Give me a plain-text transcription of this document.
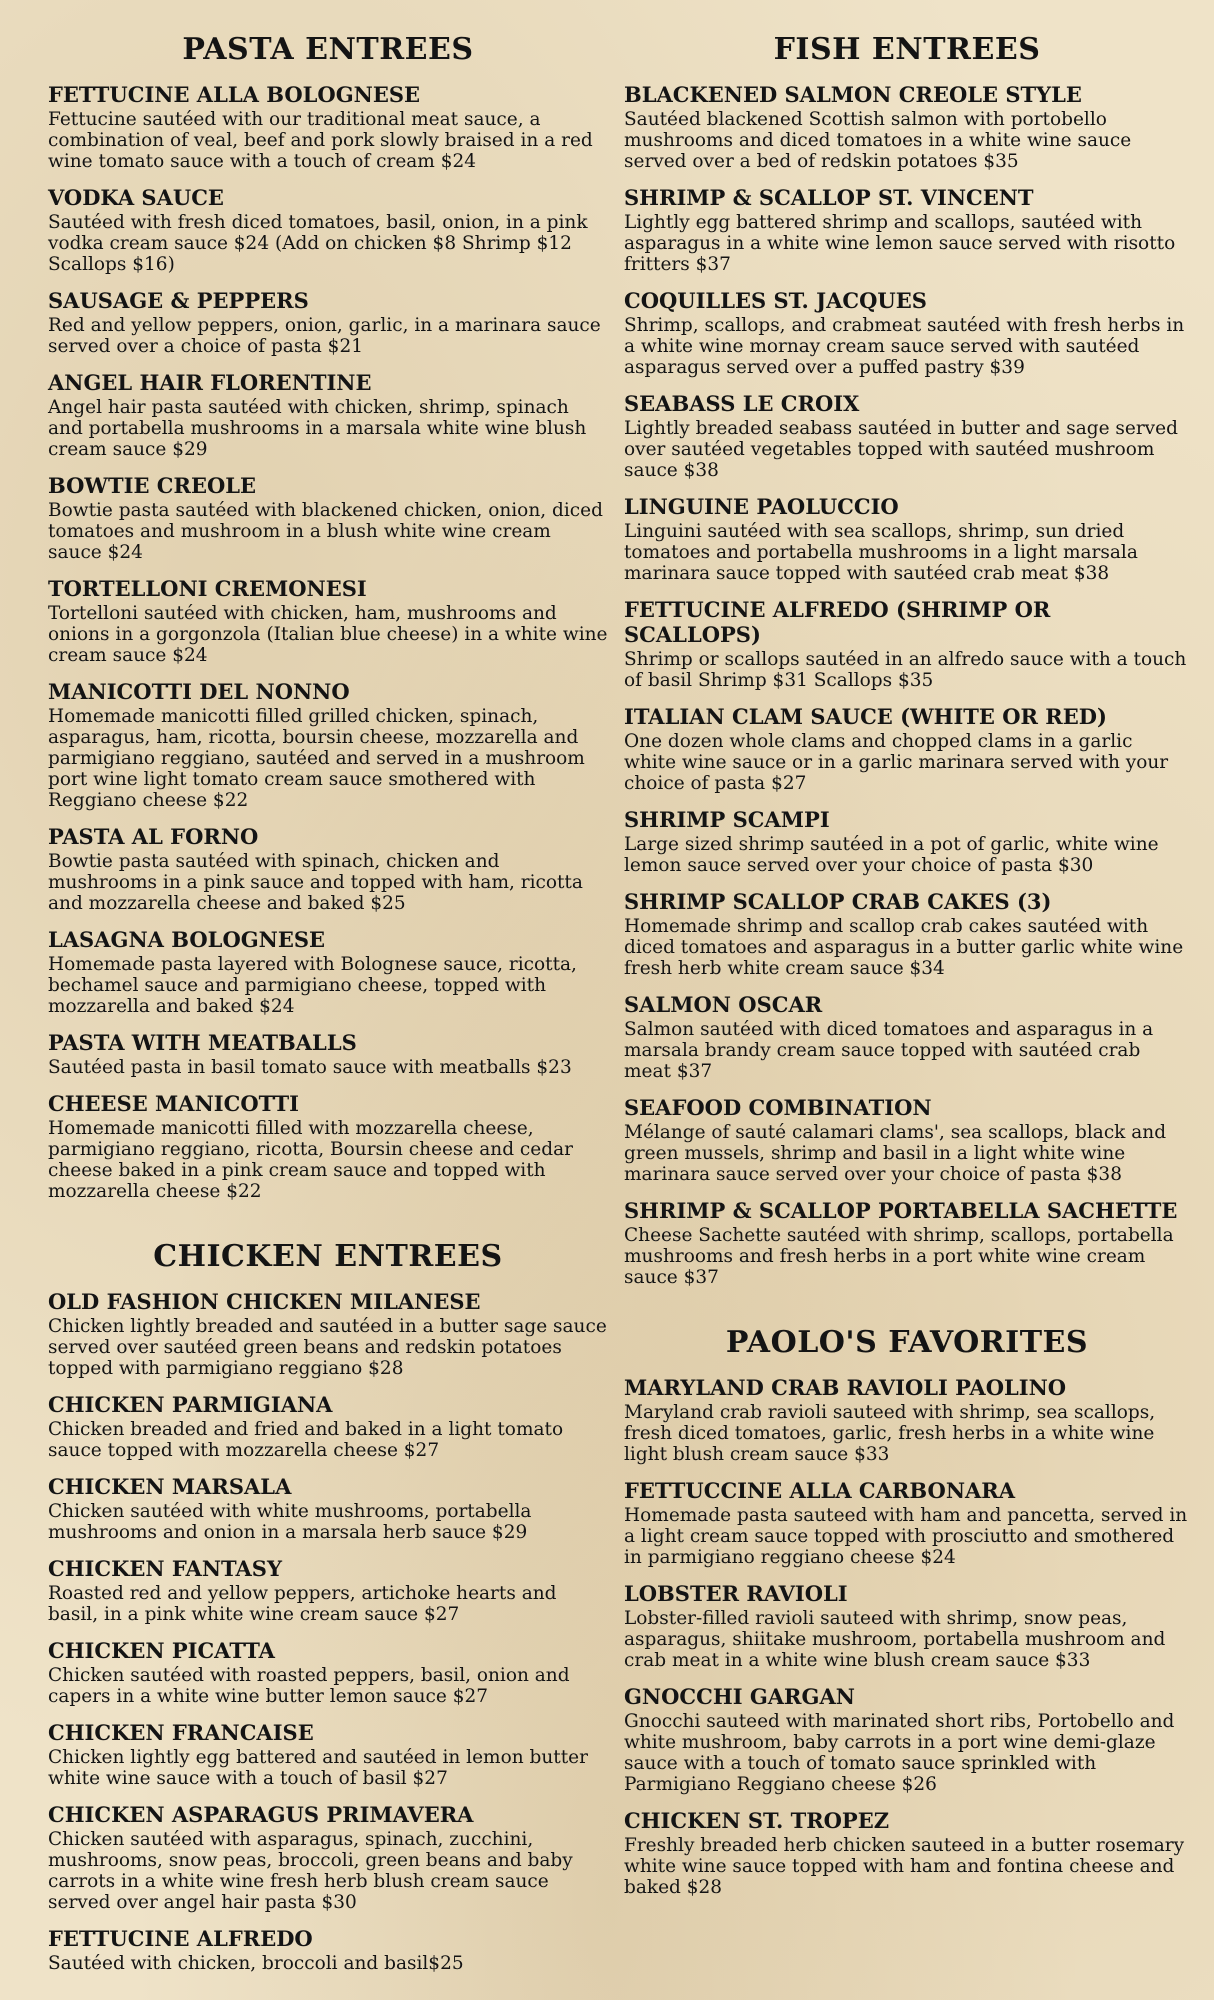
PASTA ENTREES
FETTUCINE ALLA BOLOGNESE

Fettucine sautéed with our traditional meat sauce, a combination of veal, beef and pork slowly braised in a red wine tomato sauce with a touch of cream $24

VODKA SAUCE

Sautéed with fresh diced tomatoes, basil, onion, in a pink vodka cream sauce $24 (Add on chicken $8 Shrimp $12 Scallops $16)

SAUSAGE & PEPPERS

Red and yellow peppers, onion, garlic, in a marinara sauce served over a choice of pasta $21

ANGEL HAIR FLORENTINE

Angel hair pasta sautéed with chicken, shrimp, spinach and portabella mushrooms in a marsala white wine blush cream sauce $29

BOWTIE CREOLE

Bowtie pasta sautéed with blackened chicken, onion, diced tomatoes and mushroom in a blush white wine cream sauce $24

TORTELLONI CREMONESI

Tortelloni sautéed with chicken, ham, mushrooms and onions in a gorgonzola (Italian blue cheese) in a white wine cream sauce $24

MANICOTTI DEL NONNO

Homemade manicotti filled grilled chicken, spinach, asparagus, ham, ricotta, boursin cheese, mozzarella and parmigiano reggiano, sautéed and served in a mushroom port wine light tomato cream sauce smothered with Reggiano cheese $22

PASTA AL FORNO

Bowtie pasta sautéed with spinach, chicken and mushrooms in a pink sauce and topped with ham, ricotta and mozzarella cheese and baked $25

LASAGNA BOLOGNESE

Homemade pasta layered with Bolognese sauce, ricotta, bechamel sauce and parmigiano cheese, topped with mozzarella and baked $24

PASTA WITH MEATBALLS

Sautéed pasta in basil tomato sauce with meatballs $23

CHEESE MANICOTTI

Homemade manicotti filled with mozzarella cheese, parmigiano reggiano, ricotta, Boursin cheese and cedar cheese baked in a pink cream sauce and topped with mozzarella cheese $22

CHICKEN ENTREES
OLD FASHION CHICKEN MILANESE

Chicken lightly breaded and sautéed in a butter sage sauce served over sautéed green beans and redskin potatoes topped with parmigiano reggiano $28

CHICKEN PARMIGIANA

Chicken breaded and fried and baked in a light tomato sauce topped with mozzarella cheese $27

CHICKEN MARSALA

Chicken sautéed with white mushrooms, portabella mushrooms and onion in a marsala herb sauce $29

CHICKEN FANTASY

Roasted red and yellow peppers, artichoke hearts and basil, in a pink white wine cream sauce $27

CHICKEN PICATTA

Chicken sautéed with roasted peppers, basil, onion and capers in a white wine butter lemon sauce $27

CHICKEN FRANCAISE

Chicken lightly egg battered and sautéed in lemon butter white wine sauce with a touch of basil $27

CHICKEN ASPARAGUS PRIMAVERA

Chicken sautéed with asparagus, spinach, zucchini, mushrooms, snow peas, broccoli, green beans and baby carrots in a white wine fresh herb blush cream sauce served over angel hair pasta $30

FETTUCINE ALFREDO

Sautéed with chicken, broccoli and basil$25

FISH ENTREES
BLACKENED SALMON CREOLE STYLE

Sautéed blackened Scottish salmon with portobello mushrooms and diced tomatoes in a white wine sauce served over a bed of redskin potatoes $35

SHRIMP & SCALLOP ST. VINCENT

Lightly egg battered shrimp and scallops, sautéed with asparagus in a white wine lemon sauce served with risotto fritters $37

COQUILLES ST. JACQUES

Shrimp, scallops, and crabmeat sautéed with fresh herbs in a white wine mornay cream sauce served with sautéed asparagus served over a puffed pastry $39

SEABASS LE CROIX

Lightly breaded seabass sautéed in butter and sage served over sautéed vegetables topped with sautéed mushroom sauce $38

LINGUINE PAOLUCCIO

Linguini sautéed with sea scallops, shrimp, sun dried tomatoes and portabella mushrooms in a light marsala marinara sauce topped with sautéed crab meat $38

FETTUCINE ALFREDO (SHRIMP OR SCALLOPS)

Shrimp or scallops sautéed in an alfredo sauce with a touch of basil Shrimp $31 Scallops $35

ITALIAN CLAM SAUCE (WHITE OR RED)

One dozen whole clams and chopped clams in a garlic white wine sauce or in a garlic marinara served with your choice of pasta $27

SHRIMP SCAMPI

Large sized shrimp sautéed in a pot of garlic, white wine lemon sauce served over your choice of pasta $30

SHRIMP SCALLOP CRAB CAKES (3)

Homemade shrimp and scallop crab cakes sautéed with diced tomatoes and asparagus in a butter garlic white wine fresh herb white cream sauce $34

SALMON OSCAR

Salmon sautéed with diced tomatoes and asparagus in a marsala brandy cream sauce topped with sautéed crab meat $37

SEAFOOD COMBINATION

Mélange of sauté calamari clams', sea scallops, black and green mussels, shrimp and basil in a light white wine marinara sauce served over your choice of pasta $38

SHRIMP & SCALLOP PORTABELLA SACHETTE

Cheese Sachette sautéed with shrimp, scallops, portabella mushrooms and fresh herbs in a port white wine cream sauce $37

PAOLO'S FAVORITES
MARYLAND CRAB RAVIOLI PAOLINO

Maryland crab ravioli sauteed with shrimp, sea scallops, fresh diced tomatoes, garlic, fresh herbs in a white wine light blush cream sauce $33

FETTUCCINE ALLA CARBONARA

Homemade pasta sauteed with ham and pancetta, served in a light cream sauce topped with prosciutto and smothered in parmigiano reggiano cheese $24

LOBSTER RAVIOLI

Lobster-filled ravioli sauteed with shrimp, snow peas, asparagus, shiitake mushroom, portabella mushroom and crab meat in a white wine blush cream sauce $33

GNOCCHI GARGAN

Gnocchi sauteed with marinated short ribs, Portobello and white mushroom, baby carrots in a port wine demi-glaze sauce with a touch of tomato sauce sprinkled with Parmigiano Reggiano cheese $26

CHICKEN ST. TROPEZ

Freshly breaded herb chicken sauteed in a butter rosemary white wine sauce topped with ham and fontina cheese and baked $28
